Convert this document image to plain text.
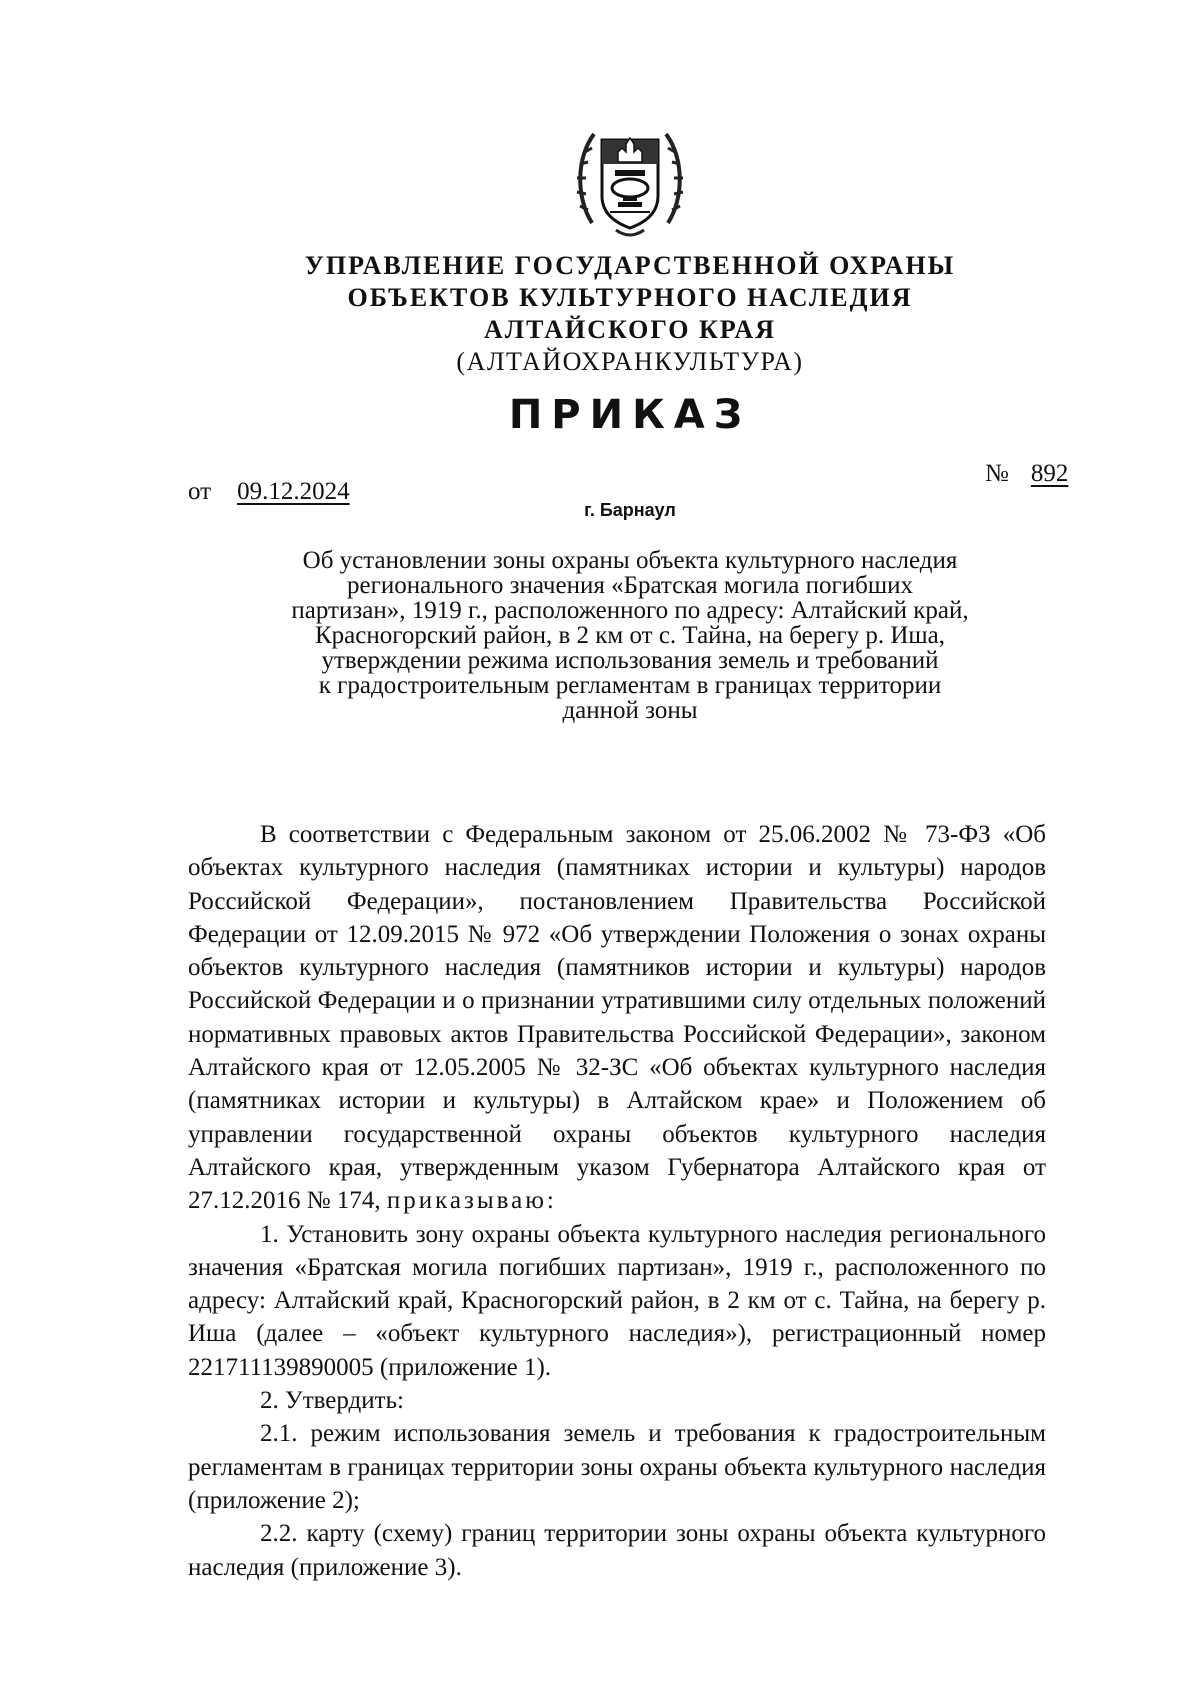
УПРАВЛЕНИЕ ГОСУДАРСТВЕННОЙ ОХРАНЫ
ОБЪЕКТОВ КУЛЬТУРНОГО НАСЛЕДИЯ
АЛТАЙСКОГО КРАЯ
(АЛТАЙОХРАНКУЛЬТУРА)
ПРИКАЗ
от 09.12.2024
№ 892
г. Барнаул
Об установлении зоны охраны объекта культурного наследия
регионального значения «Братская могила погибших
партизан», 1919 г., расположенного по адресу: Алтайский край,
Красногорский район, в 2 км от с. Тайна, на берегу р. Иша,
утверждении режима использования земель и требований
к градостроительным регламентам в границах территории
данной зоны

В соответствии с Федеральным законом от 25.06.2002 № 73-ФЗ «Об объектах культурного наследия (памятниках истории и культуры) народов Российской Федерации», постановлением Правительства Российской Федерации от 12.09.2015 № 972 «Об утверждении Положения о зонах охраны объектов культурного наследия (памятников истории и культуры) народов Российской Федерации и о признании утратившими силу отдельных положений нормативных правовых актов Правительства Российской Федерации», законом Алтайского края от 12.05.2005 № 32-ЗС «Об объектах культурного наследия (памятниках истории и культуры) в Алтайском крае» и Положением об управлении государственной охраны объектов культурного наследия Алтайского края, утвержденным указом Губернатора Алтайского края от 27.12.2016 № 174, приказываю:

1. Установить зону охраны объекта культурного наследия регионального значения «Братская могила погибших партизан», 1919 г., расположенного по адресу: Алтайский край, Красногорский район, в 2 км от с. Тайна, на берегу р. Иша (далее – «объект культурного наследия»), регистрационный номер 221711139890005 (приложение 1).

2. Утвердить:

2.1. режим использования земель и требования к градостроительным регламентам в границах территории зоны охраны объекта культурного наследия (приложение 2);

2.2. карту (схему) границ территории зоны охраны объекта культурного наследия (приложение 3).
